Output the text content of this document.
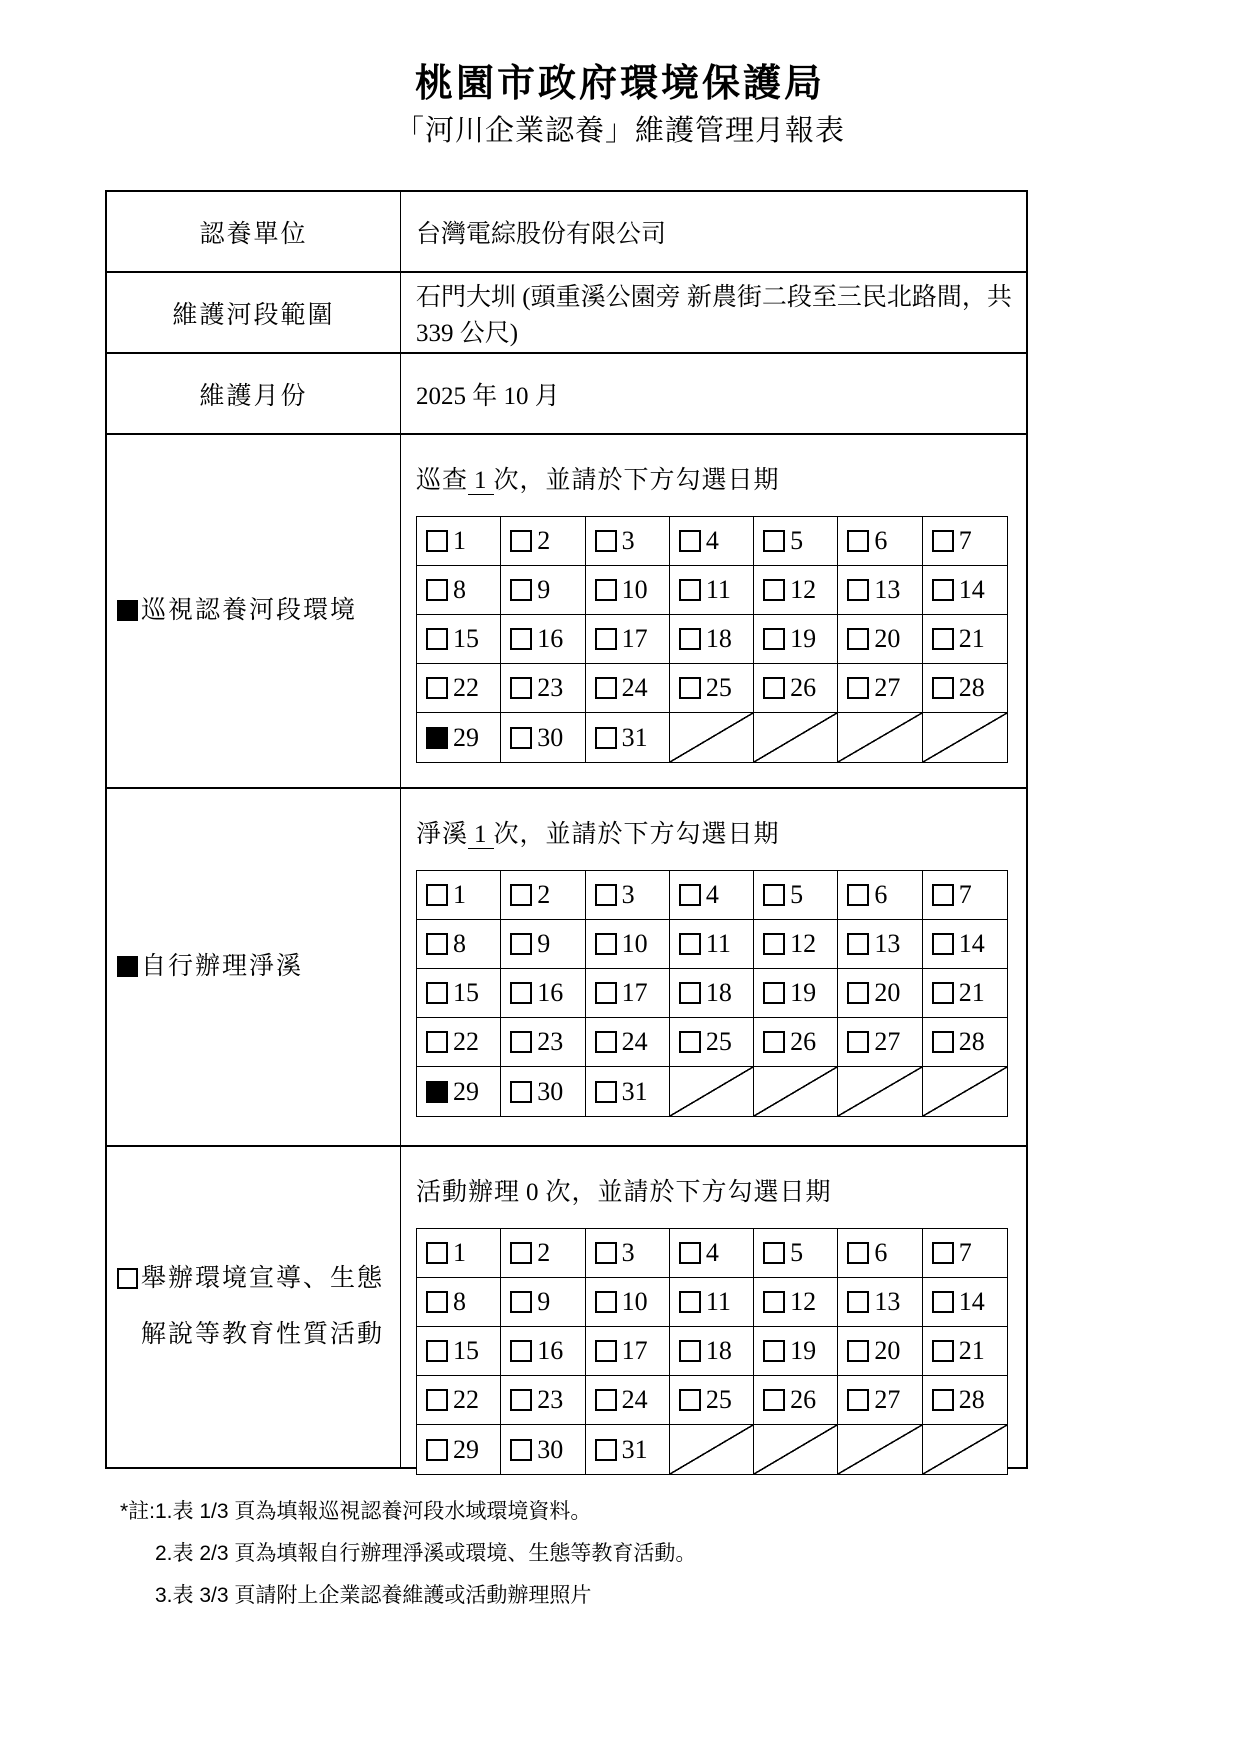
桃園市政府環境保護局
「河川企業認養」維護管理月報表
認養單位	台灣電綜股份有限公司
維護河段範圍
石門大圳 (頭重溪公園旁 新農街二段至三民北路間，共 339 公尺)
維護月份	2025 年 10 月
巡視認養河段環境
巡查 1 次，並請於下方勾選日期
1	2	3	4	5	6	7
8	9	10 11 12 13 14
15 16 17 18 19 20 21
22 23 24 25 26 27 28
29 30 31
自行辦理淨溪
淨溪 1 次，並請於下方勾選日期
1	2	3	4	5	6	7
8	9	10 11 12 13 14
15 16 17 18 19 20 21
22 23 24 25 26 27 28
29 30 31
舉辦環境宣導、生態
解說等教育性質活動
活動辦理 0 次，並請於下方勾選日期
1	2	3	4	5	6	7
8	9	10 11 12 13 14
15 16 17 18 19 20 21
22 23 24 25 26 27 28
29 30 31
*註:1.表 1/3 頁為填報巡視認養河段水域環境資料。
2.表 2/3 頁為填報自行辦理淨溪或環境、生態等教育活動。
3.表 3/3 頁請附上企業認養維護或活動辦理照片
